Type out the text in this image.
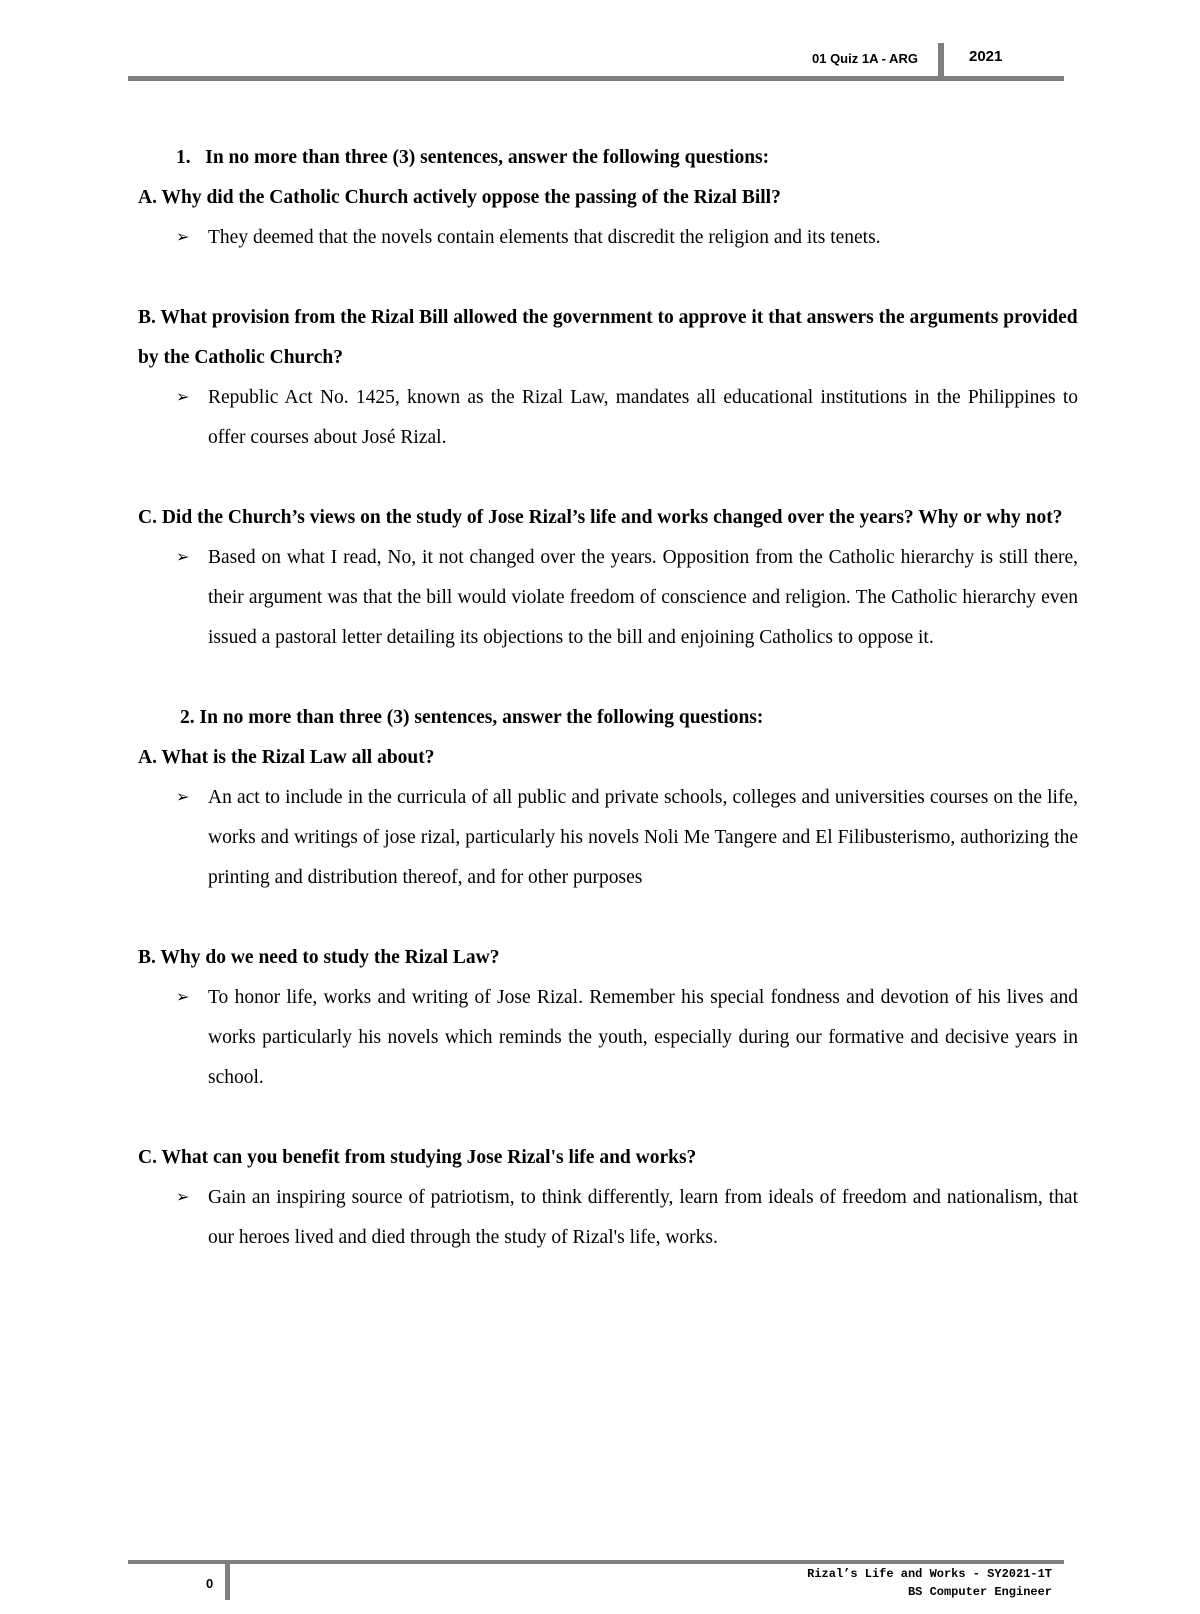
01 Quiz 1A - ARG	2021

1. In no more than three (3) sentences, answer the following questions:

A. Why did the Catholic Church actively oppose the passing of the Rizal Bill?

➢ They deemed that the novels contain elements that discredit the religion and its tenets.

B. What provision from the Rizal Bill allowed the government to approve it that answers the arguments provided by the Catholic Church?

➢ Republic Act No. 1425, known as the Rizal Law, mandates all educational institutions in the Philippines to offer courses about José Rizal.

C. Did the Church’s views on the study of Jose Rizal’s life and works changed over the years? Why or why not?

➢ Based on what I read, No, it not changed over the years. Opposition from the Catholic hierarchy is still there, their argument was that the bill would violate freedom of conscience and religion. The Catholic hierarchy even issued a pastoral letter detailing its objections to the bill and enjoining Catholics to oppose it.

2. In no more than three (3) sentences, answer the following questions:

A. What is the Rizal Law all about?

➢ An act to include in the curricula of all public and private schools, colleges and universities courses on the life, works and writings of jose rizal, particularly his novels Noli Me Tangere and El Filibusterismo, authorizing the printing and distribution thereof, and for other purposes

B. Why do we need to study the Rizal Law?

➢ To honor life, works and writing of Jose Rizal. Remember his special fondness and devotion of his lives and works particularly his novels which reminds the youth, especially during our formative and decisive years in school.

C. What can you benefit from studying Jose Rizal's life and works?

➢ Gain an inspiring source of patriotism, to think differently, learn from ideals of freedom and nationalism, that our heroes lived and died through the study of Rizal's life, works.

0
Rizal’s Life and Works - SY2021-1T
BS Computer Engineer
